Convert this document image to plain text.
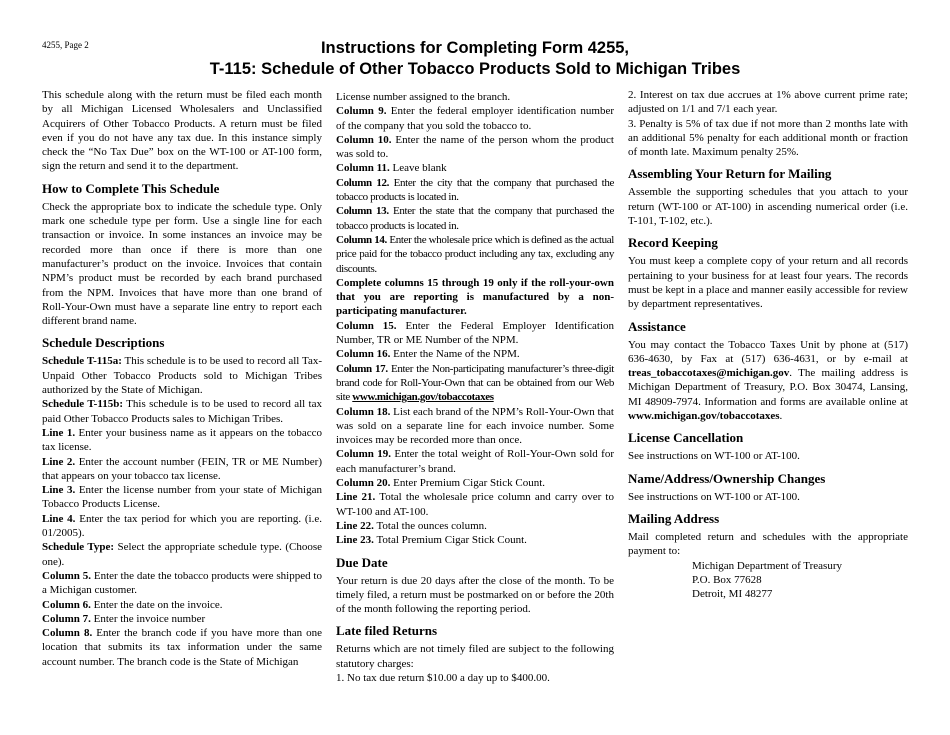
4255, Page 2	Instructions for Completing Form 4255,
T-115: Schedule of Other Tobacco Products Sold to Michigan Tribes

This schedule along with the return must be filed each month by all Michigan Licensed Wholesalers and Unclassified Acquirers of Other Tobacco Products. A return must be filed even if you do not have any tax due. In this instance simply check the “No Tax Due” box on the WT-100 or AT-100 form, sign the return and send it to the department.

How to Complete This Schedule

Check the appropriate box to indicate the schedule type. Only mark one schedule type per form. Use a single line for each transaction or invoice. In some instances an invoice may be recorded more than once if there is more than one manufacturer’s product on the invoice. Invoices that contain NPM’s product must be recorded by each brand purchased from the NPM. Invoices that have more than one brand of Roll-Your-Own must have a separate line entry to report each different brand name.

Schedule Descriptions

Schedule T-115a: This schedule is to be used to record all Tax-Unpaid Other Tobacco Products sold to Michigan Tribes authorized by the State of Michigan.

Schedule T-115b: This schedule is to be used to record all tax paid Other Tobacco Products sales to Michigan Tribes.

Line 1. Enter your business name as it appears on the tobacco tax license.

Line 2. Enter the account number (FEIN, TR or ME Number) that appears on your tobacco tax license.

Line 3. Enter the license number from your state of Michigan Tobacco Products License.

Line 4. Enter the tax period for which you are reporting. (i.e. 01/2005).

Schedule Type: Select the appropriate schedule type. (Choose one).

Column 5. Enter the date the tobacco products were shipped to a Michigan customer.

Column 6. Enter the date on the invoice.

Column 7. Enter the invoice number

Column 8. Enter the branch code if you have more than one location that submits its tax information under the same account number. The branch code is the State of Michigan

License number assigned to the branch.

Column 9. Enter the federal employer identification number of the company that you sold the tobacco to.

Column 10. Enter the name of the person whom the product was sold to.

Column 11. Leave blank

Column 12. Enter the city that the company that purchased the tobacco products is located in.

Column 13. Enter the state that the company that purchased the tobacco products is located in.

Column 14. Enter the wholesale price which is defined as the actual price paid for the tobacco product including any tax, excluding any discounts.

Complete columns 15 through 19 only if the roll-your-own that you are reporting is manufactured by a non-participating manufacturer.

Column 15. Enter the Federal Employer Identification Number, TR or ME Number of the NPM.

Column 16. Enter the Name of the NPM.

Column 17. Enter the Non-participating manufacturer’s three-digit brand code for Roll-Your-Own that can be obtained from our Web site www.michigan.gov/tobaccotaxes

Column 18. List each brand of the NPM’s Roll-Your-Own that was sold on a separate line for each invoice number. Some invoices may be recorded more than once.

Column 19. Enter the total weight of Roll-Your-Own sold for each manufacturer’s brand.

Column 20. Enter Premium Cigar Stick Count.

Line 21. Total the wholesale price column and carry over to WT-100 and AT-100.

Line 22. Total the ounces column.

Line 23. Total Premium Cigar Stick Count.

Due Date

Your return is due 20 days after the close of the month. To be timely filed, a return must be postmarked on or before the 20th of the month following the reporting period.

Late filed Returns

Returns which are not timely filed are subject to the following statutory charges:

1. No tax due return $10.00 a day up to $400.00.

2. Interest on tax due accrues at 1% above current prime rate; adjusted on 1/1 and 7/1 each year.

3. Penalty is 5% of tax due if not more than 2 months late with an additional 5% penalty for each additional month or fraction of month late. Maximum penalty 25%.

Assembling Your Return for Mailing

Assemble the supporting schedules that you attach to your return (WT-100 or AT-100) in ascending numerical order (i.e. T-101, T-102, etc.).

Record Keeping

You must keep a complete copy of your return and all records pertaining to your business for at least four years. The records must be kept in a place and manner easily accessible for review by department representatives.

Assistance

You may contact the Tobacco Taxes Unit by phone at (517) 636-4630, by Fax at (517) 636-4631, or by e-mail at treas_tobaccotaxes@michigan.gov. The mailing address is Michigan Department of Treasury, P.O. Box 30474, Lansing, MI 48909-7974. Information and forms are available online at www.michigan.gov/tobaccotaxes.

License Cancellation

See instructions on WT-100 or AT-100.

Name/Address/Ownership Changes

See instructions on WT-100 or AT-100.

Mailing Address

Mail completed return and schedules with the appropriate payment to:

Michigan Department of Treasury

P.O. Box 77628

Detroit, MI 48277
